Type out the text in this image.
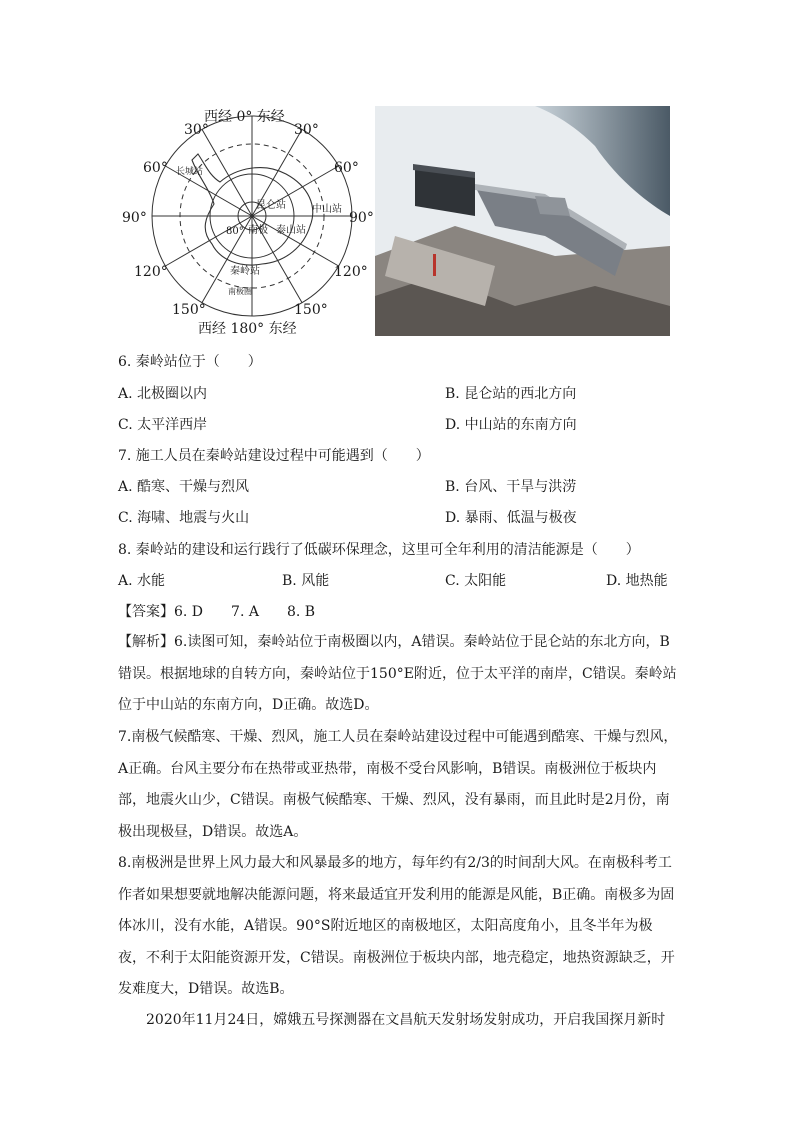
西经 0° 东经
西经 180° 东经
30°
60°
90°
120°
150°
30°
60°
90°
120°
150°
长城站
昆仑站	中山站
泰山站
秦岭站
南极
80°
南极圈
6. 秦岭站位于（　　）
A. 北极圈以内	B. 昆仑站的西北方向
C. 太平洋西岸	D. 中山站的东南方向
7. 施工人员在秦岭站建设过程中可能遇到（　　）
A. 酷寒、干燥与烈风	B. 台风、干旱与洪涝
C. 海啸、地震与火山	D. 暴雨、低温与极夜
8. 秦岭站的建设和运行践行了低碳环保理念，这里可全年利用的清洁能源是（　　）
A. 水能	B. 风能	C. 太阳能	D. 地热能
【答案】6. D　　7. A　　8. B
【解析】6.读图可知，秦岭站位于南极圈以内，A错误。秦岭站位于昆仑站的东北方向，B错误。根据地球的自转方向，秦岭站位于150°E附近，位于太平洋的南岸，C错误。秦岭站位于中山站的东南方向，D正确。故选D。
7.南极气候酷寒、干燥、烈风，施工人员在秦岭站建设过程中可能遇到酷寒、干燥与烈风，A正确。台风主要分布在热带或亚热带，南极不受台风影响，B错误。南极洲位于板块内部，地震火山少，C错误。南极气候酷寒、干燥、烈风，没有暴雨，而且此时是2月份，南极出现极昼，D错误。故选A。
8.南极洲是世界上风力最大和风暴最多的地方，每年约有2/3的时间刮大风。在南极科考工作者如果想要就地解决能源问题，将来最适宜开发利用的能源是风能，B正确。南极多为固体冰川，没有水能，A错误。90°S附近地区的南极地区，太阳高度角小，且冬半年为极夜，不利于太阳能资源开发，C错误。南极洲位于板块内部，地壳稳定，地热资源缺乏，开发难度大，D错误。故选B。
2020年11月24日，嫦娥五号探测器在文昌航天发射场发射成功，开启我国探月新时
